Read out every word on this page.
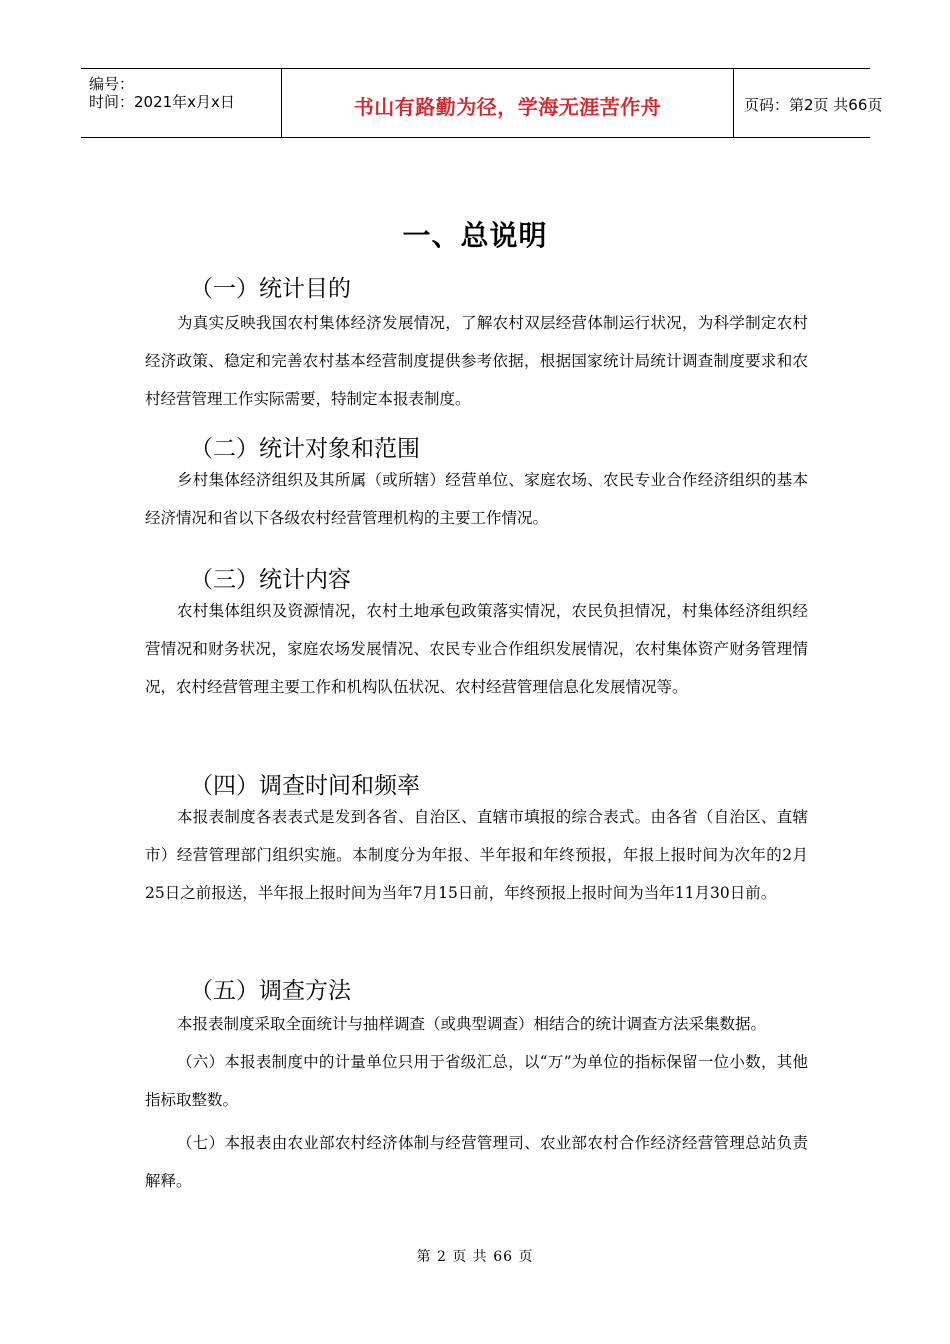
编号：
时间：2021年x月x日	书山有路勤为径，学海无涯苦作舟	页码：第2页 共66页
一、总说明
（一）统计目的

为真实反映我国农村集体经济发展情况，了解农村双层经营体制运行状况，为科学制定农村经济政策、稳定和完善农村基本经营制度提供参考依据，根据国家统计局统计调查制度要求和农村经营管理工作实际需要，特制定本报表制度。

（二）统计对象和范围

乡村集体经济组织及其所属（或所辖）经营单位、家庭农场、农民专业合作经济组织的基本经济情况和省以下各级农村经营管理机构的主要工作情况。

（三）统计内容

农村集体组织及资源情况，农村土地承包政策落实情况，农民负担情况，村集体经济组织经营情况和财务状况，家庭农场发展情况、农民专业合作组织发展情况，农村集体资产财务管理情况，农村经营管理主要工作和机构队伍状况、农村经营管理信息化发展情况等。

（四）调查时间和频率

本报表制度各表表式是发到各省、自治区、直辖市填报的综合表式。由各省（自治区、直辖市）经营管理部门组织实施。本制度分为年报、半年报和年终预报，年报上报时间为次年的2月25日之前报送，半年报上报时间为当年7月15日前，年终预报上报时间为当年11月30日前。

（五）调查方法

本报表制度采取全面统计与抽样调查（或典型调查）相结合的统计调查方法采集数据。

（六）本报表制度中的计量单位只用于省级汇总，以“万”为单位的指标保留一位小数，其他指标取整数。

（七）本报表由农业部农村经济体制与经营管理司、农业部农村合作经济经营管理总站负责解释。

第 2 页 共 66 页
